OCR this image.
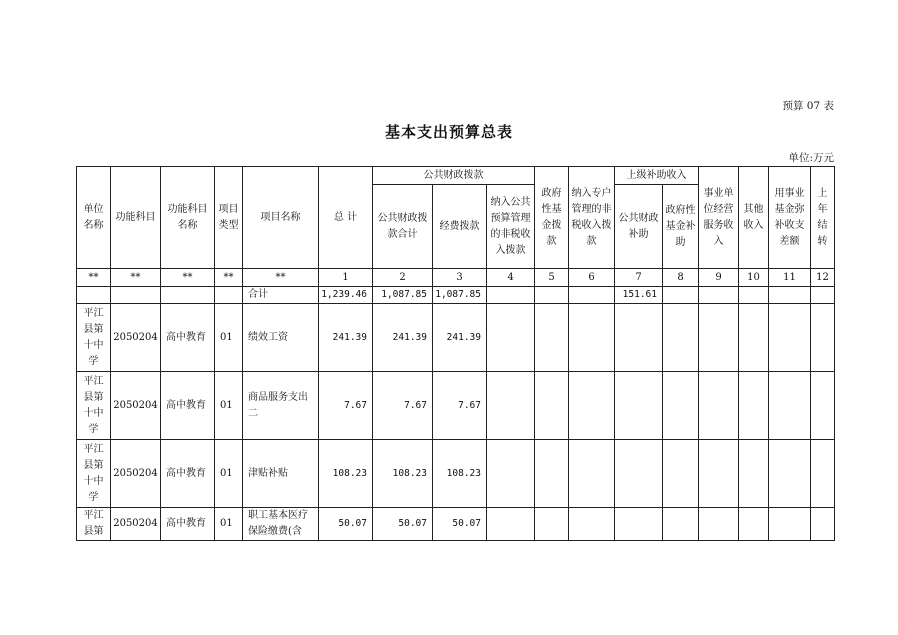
预算 07 表
基本支出预算总表
单位:万元
单位名称	功能科目	功能科目名称	项目类型	项目名称	总 计	公共财政拨款			政府性基金拨款	纳入专户管理的非税收入拨款	上级补助收入		事业单位经营服务收入	其他收入	用事业基金弥补收支差额	上年结转
						公共财政拨款合计	经费拨款	纳入公共预算管理的非税收入拨款			公共财政补助	政府性基金补助				
**	**	**	**	**	1	2	3	4	5	6	7	8	9	10	11	12
				合计	1,239.46	1,087.85	1,087.85				151.61					
平江县第十中学	2050204	高中教育	01	绩效工资	241.39	241.39	241.39									
平江县第十中学	2050204	高中教育	01	商品服务支出二	7.67	7.67	7.67									
平江县第十中学	2050204	高中教育	01	津贴补贴	108.23	108.23	108.23									
平江县第	2050204	高中教育	01	职工基本医疗保险缴费(含	50.07	50.07	50.07									
